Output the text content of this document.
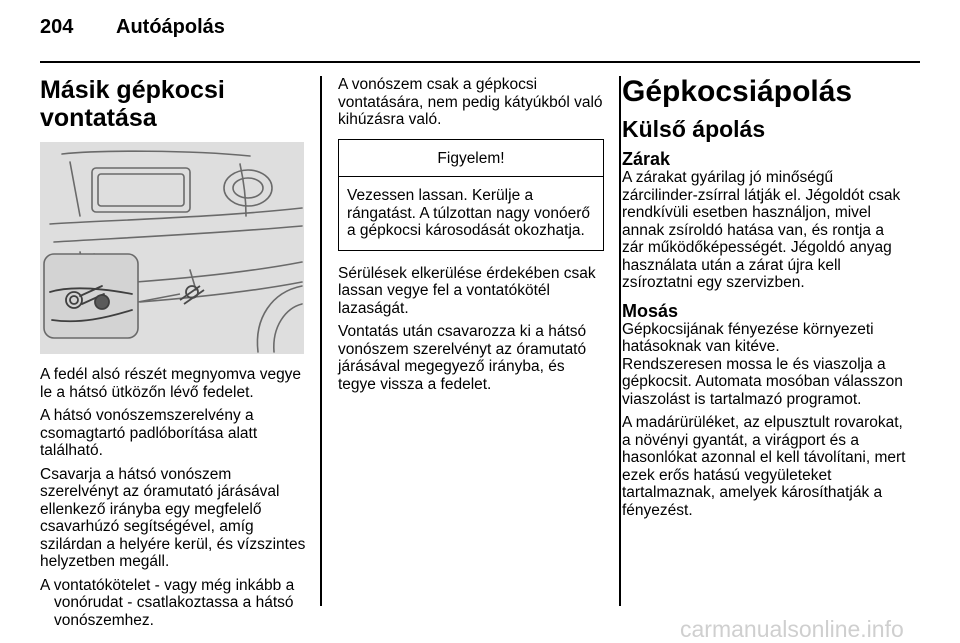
204 Autóápolás
Másik gépkocsi vontatása

A fedél alsó részét megnyomva vegye le a hátsó ütközőn lévő fedelet.

A hátsó vonószemszerelvény a csomagtartó padlóborítása alatt található.

Csavarja a hátsó vonószem szerelvényt az óramutató járásával ellenkező irányba egy megfelelő csavarhúzó segítségével, amíg szilárdan a helyére kerül, és vízszintes helyzetben megáll.

A vontatókötelet - vagy még inkább a vonórudat - csatlakoztassa a hátsó vonószemhez.

A vonószem csak a gépkocsi vontatására, nem pedig kátyúkból való kihúzásra való.

Figyelem!
Vezessen lassan. Kerülje a rángatást. A túlzottan nagy vonóerő a gépkocsi károsodását okozhatja.

Sérülések elkerülése érdekében csak lassan vegye fel a vontatókötél lazaságát.

Vontatás után csavarozza ki a hátsó vonószem szerelvényt az óramutató járásával megegyező irányba, és tegye vissza a fedelet.

Gépkocsiápolás
Külső ápolás
Zárak

A zárakat gyárilag jó minőségű zárcilinder-zsírral látják el. Jégoldót csak rendkívüli esetben használjon, mivel annak zsíroldó hatása van, és rontja a zár működőképességét. Jégoldó anyag használata után a zárat újra kell zsíroztatni egy szervizben.

Mosás

Gépkocsijának fényezése környezeti hatásoknak van kitéve.

Rendszeresen mossa le és viaszolja a gépkocsit. Automata mosóban válasszon viaszolást is tartalmazó programot.

A madárürüléket, az elpusztult rovarokat, a növényi gyantát, a virágport és a hasonlókat azonnal el kell távolítani, mert ezek erős hatású vegyületeket tartalmaznak, amelyek károsíthatják a fényezést.

carmanualsonline.info
